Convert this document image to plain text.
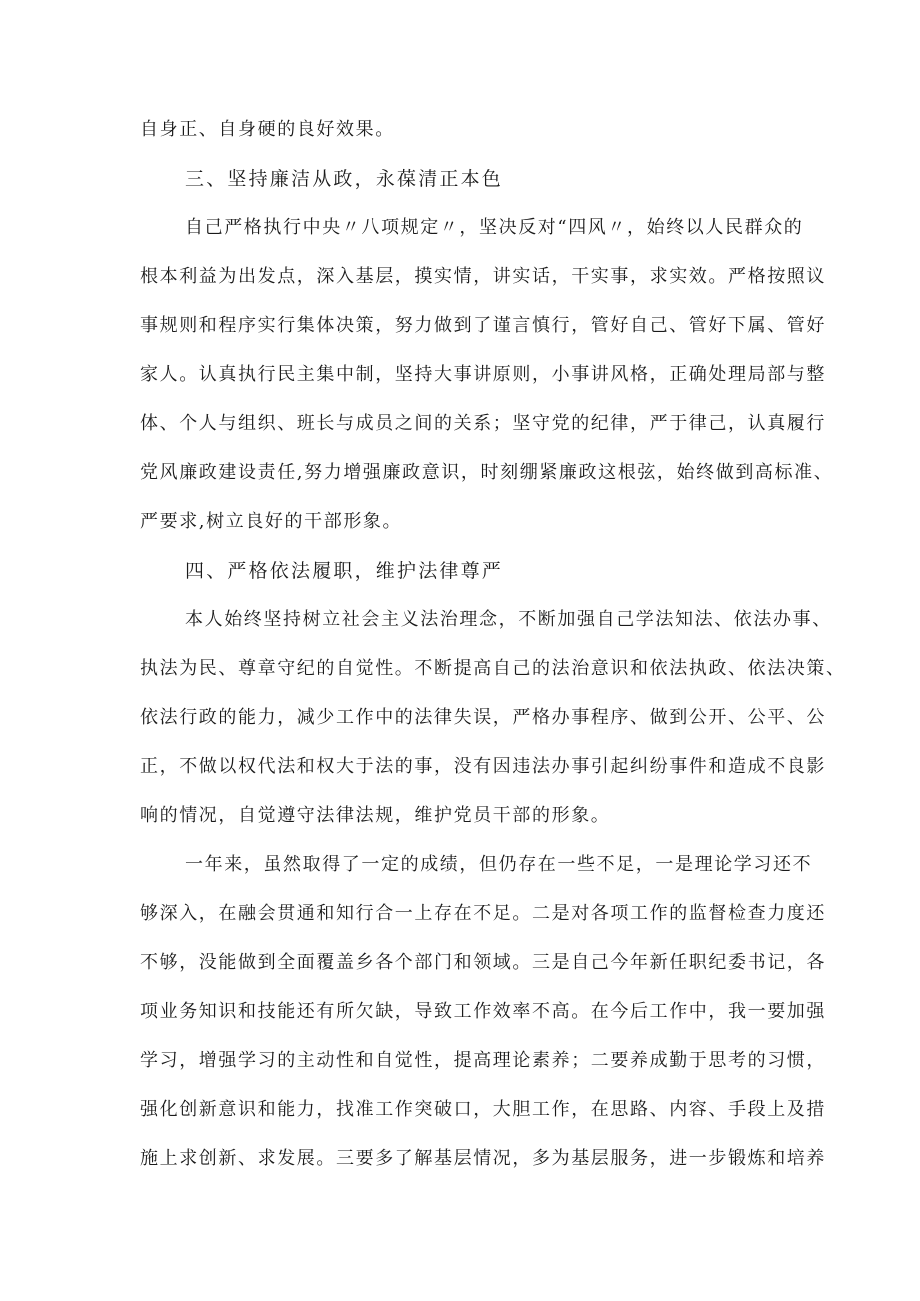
自身正、自身硬的良好效果。
三、坚持廉洁从政，永葆清正本色
自己严格执行中央〃八项规定〃，坚决反对“四风〃，始终以人民群众的
根本利益为出发点，深入基层，摸实情，讲实话，干实事，求实效。严格按照议
事规则和程序实行集体决策，努力做到了谨言慎行，管好自己、管好下属、管好
家人。认真执行民主集中制，坚持大事讲原则，小事讲风格，正确处理局部与整
体、个人与组织、班长与成员之间的关系；坚守党的纪律，严于律己，认真履行
党风廉政建设责任,努力增强廉政意识，时刻绷紧廉政这根弦，始终做到高标准、
严要求,树立良好的干部形象。
四、严格依法履职，维护法律尊严
本人始终坚持树立社会主义法治理念，不断加强自己学法知法、依法办事、
执法为民、尊章守纪的自觉性。不断提高自己的法治意识和依法执政、依法决策、
依法行政的能力，减少工作中的法律失误，严格办事程序、做到公开、公平、公
正，不做以权代法和权大于法的事，没有因违法办事引起纠纷事件和造成不良影
响的情况，自觉遵守法律法规，维护党员干部的形象。
一年来，虽然取得了一定的成绩，但仍存在一些不足，一是理论学习还不
够深入，在融会贯通和知行合一上存在不足。二是对各项工作的监督检查力度还
不够，没能做到全面覆盖乡各个部门和领域。三是自己今年新任职纪委书记，各
项业务知识和技能还有所欠缺，导致工作效率不高。在今后工作中，我一要加强
学习，增强学习的主动性和自觉性，提高理论素养；二要养成勤于思考的习惯，
强化创新意识和能力，找准工作突破口，大胆工作，在思路、内容、手段上及措
施上求创新、求发展。三要多了解基层情况，多为基层服务，进一步锻炼和培养
